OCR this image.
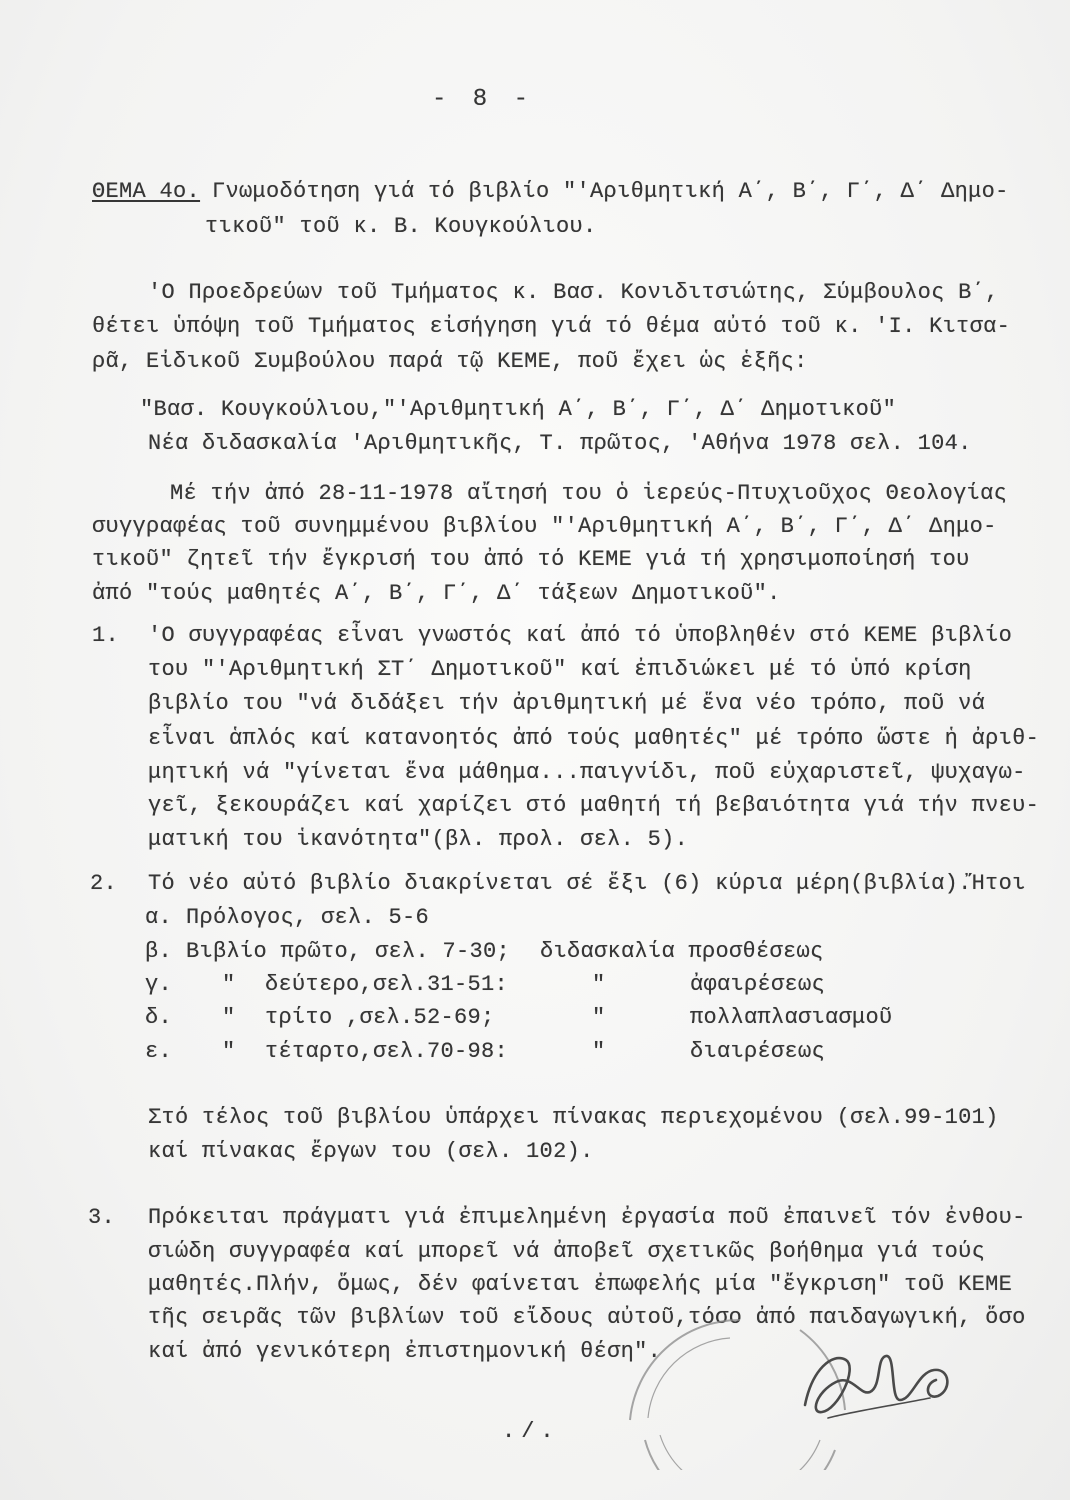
- 8 -
ΘΕΜΑ 4ο. Γνωμοδότηση γιά τό βιβλίο "'Αριθμητική Α΄, Β΄, Γ΄, Δ΄ Δημο-
τικοῦ" τοῦ κ. Β. Κουγκούλιου.
'Ο Προεδρεύων τοῦ Τμήματος κ. Βασ. Κονιδιτσιώτης, Σύμβουλος Β΄,
θέτει ὑπόψη τοῦ Τμήματος εἰσήγηση γιά τό θέμα αὐτό τοῦ κ. 'Ι. Κιτσα-
ρᾶ, Εἰδικοῦ Συμβούλου παρά τῷ ΚΕΜΕ, ποῦ ἔχει ὡς ἑξῆς:
"Βασ. Κουγκούλιου,"'Αριθμητική Α΄, Β΄, Γ΄, Δ΄ Δημοτικοῦ"
Νέα διδασκαλία 'Αριθμητικῆς, Τ. πρῶτος, 'Αθήνα 1978 σελ. 104.
Μέ τήν ἀπό 28-11-1978 αἴτησή του ὁ ἱερεύς-Πτυχιοῦχος Θεολογίας
συγγραφέας τοῦ συνημμένου βιβλίου "'Αριθμητική Α΄, Β΄, Γ΄, Δ΄ Δημο-
τικοῦ" ζητεῖ τήν ἔγκρισή του ἀπό τό ΚΕΜΕ γιά τή χρησιμοποίησή του
ἀπό "τούς μαθητές Α΄, Β΄, Γ΄, Δ΄ τάξεων Δημοτικοῦ".
1. 'Ο συγγραφέας εἶναι γνωστός καί ἀπό τό ὑποβληθέν στό ΚΕΜΕ βιβλίο
του "'Αριθμητική ΣΤ΄ Δημοτικοῦ" καί ἐπιδιώκει μέ τό ὑπό κρίση
βιβλίο του "νά διδάξει τήν ἀριθμητική μέ ἕνα νέο τρόπο, ποῦ νά
εἶναι ἁπλός καί κατανοητός ἀπό τούς μαθητές" μέ τρόπο ὥστε ἡ ἀριθ-
μητική νά "γίνεται ἕνα μάθημα...παιγνίδι, ποῦ εὐχαριστεῖ, ψυχαγω-
γεῖ, ξεκουράζει καί χαρίζει στό μαθητή τή βεβαιότητα γιά τήν πνευ-
ματική του ἱκανότητα"(βλ. προλ. σελ. 5).
2. Τό νέο αὐτό βιβλίο διακρίνεται σέ ἕξι (6) κύρια μέρη(βιβλία).Ἤτοι
α. Πρόλογος, σελ. 5-6
β. Βιβλίο πρῶτο, σελ. 7-30; διδασκαλία προσθέσεως
γ. " δεύτερο,σελ.31-51:	"	ἀφαιρέσεως
δ. " τρίτο ,σελ.52-69;	"	πολλαπλασιασμοῦ
ε. " τέταρτο,σελ.70-98:	"	διαιρέσεως
Στό τέλος τοῦ βιβλίου ὑπάρχει πίνακας περιεχομένου (σελ.99-101)
καί πίνακας ἔργων του (σελ. 102).
3. Πρόκειται πράγματι γιά ἐπιμελημένη ἐργασία ποῦ ἐπαινεῖ τόν ἐνθου-
σιώδη συγγραφέα καί μπορεῖ νά ἀποβεῖ σχετικῶς βοήθημα γιά τούς
μαθητές.Πλήν, ὅμως, δέν φαίνεται ἐπωφελής μία "ἔγκριση" τοῦ ΚΕΜΕ
τῆς σειρᾶς τῶν βιβλίων τοῦ εἴδους αὐτοῦ,τόσο ἀπό παιδαγωγική, ὅσο
καί ἀπό γενικότερη ἐπιστημονική θέση".
./.
